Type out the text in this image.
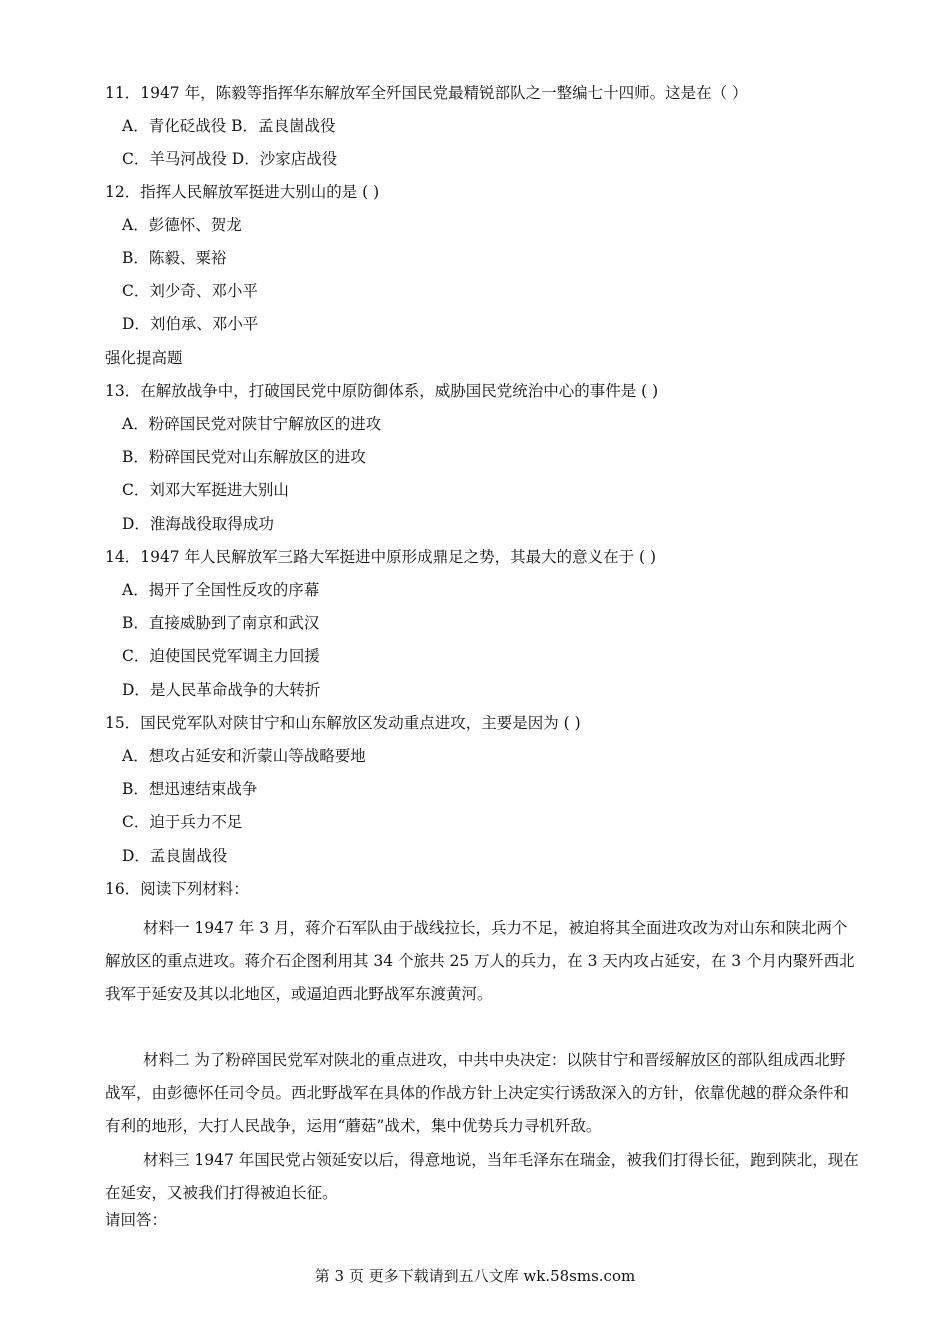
11．1947 年，陈毅等指挥华东解放军全歼国民党最精锐部队之一整编七十四师。这是在（ ）
A．青化砭战役 B．孟良崮战役
C．羊马河战役 D．沙家店战役
12．指挥人民解放军挺进大别山的是 ( )
A．彭德怀、贺龙
B．陈毅、粟裕
C．刘少奇、邓小平
D．刘伯承、邓小平
强化提高题
13．在解放战争中，打破国民党中原防御体系，威胁国民党统治中心的事件是 ( )
A．粉碎国民党对陕甘宁解放区的进攻
B．粉碎国民党对山东解放区的进攻
C．刘邓大军挺进大别山
D．淮海战役取得成功
14．1947 年人民解放军三路大军挺进中原形成鼎足之势，其最大的意义在于 ( )
A．揭开了全国性反攻的序幕
B．直接威胁到了南京和武汉
C．迫使国民党军调主力回援
D．是人民革命战争的大转折
15．国民党军队对陕甘宁和山东解放区发动重点进攻，主要是因为 ( )
A．想攻占延安和沂蒙山等战略要地
B．想迅速结束战争
C．迫于兵力不足
D．孟良崮战役
16．阅读下列材料：
材料一 1947 年 3 月，蒋介石军队由于战线拉长，兵力不足，被迫将其全面进攻改为对山东和陕北两个解放区的重点进攻。蒋介石企图利用其 34 个旅共 25 万人的兵力，在 3 天内攻占延安，在 3 个月内聚歼西北我军于延安及其以北地区，或逼迫西北野战军东渡黄河。
材料二 为了粉碎国民党军对陕北的重点进攻，中共中央决定：以陕甘宁和晋绥解放区的部队组成西北野战军，由彭德怀任司令员。西北野战军在具体的作战方针上决定实行诱敌深入的方针，依靠优越的群众条件和有利的地形，大打人民战争，运用“蘑菇”战术，集中优势兵力寻机歼敌。
材料三 1947 年国民党占领延安以后，得意地说，当年毛泽东在瑞金，被我们打得长征，跑到陕北，现在在延安，又被我们打得被迫长征。
请回答：
第 3 页 更多下载请到五八文库 wk.58sms.com
